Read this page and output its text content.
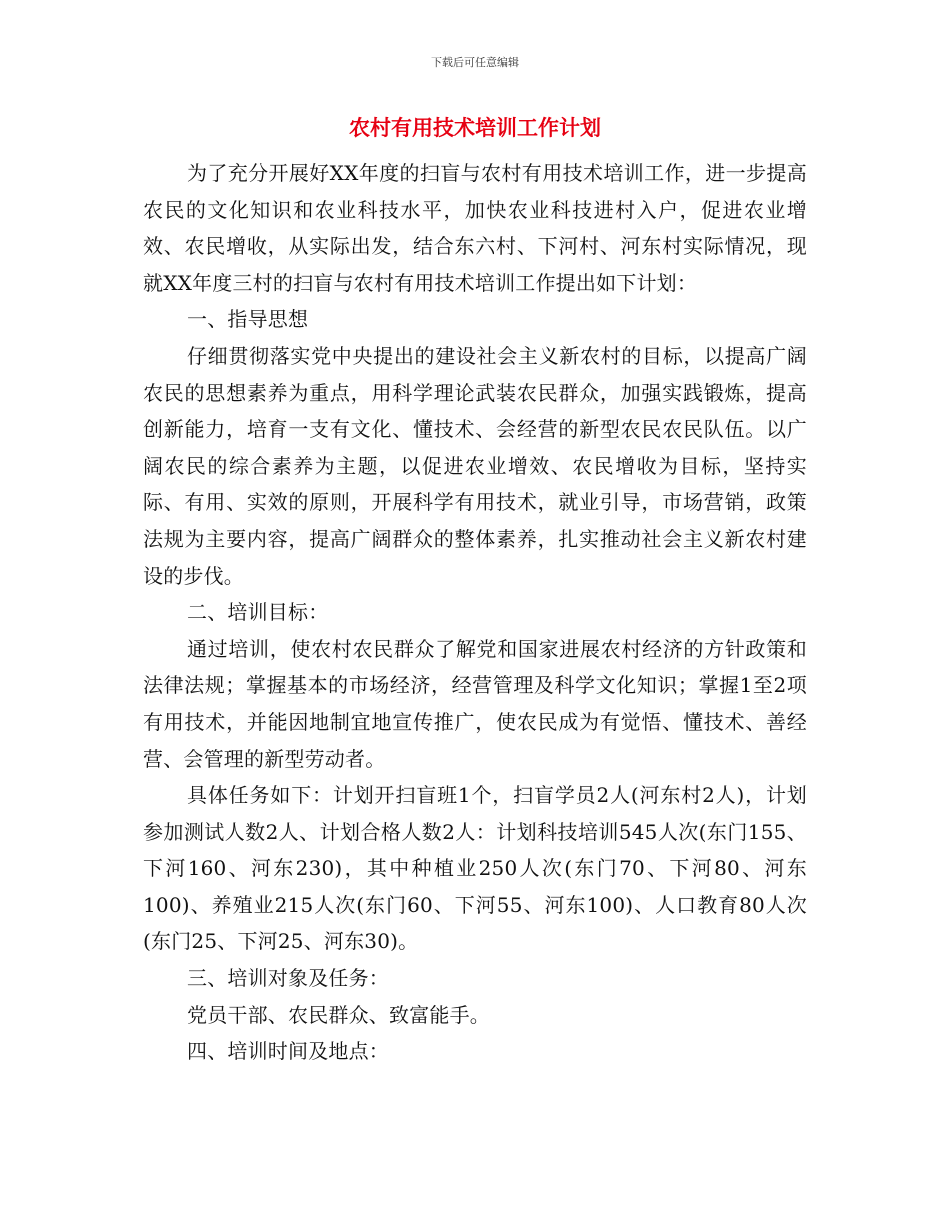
下载后可任意编辑
农村有用技术培训工作计划

为了充分开展好XX年度的扫盲与农村有用技术培训工作，进一步提高农民的文化知识和农业科技水平，加快农业科技进村入户，促进农业增效、农民增收，从实际出发，结合东六村、下河村、河东村实际情况，现就XX年度三村的扫盲与农村有用技术培训工作提出如下计划：

一、指导思想

仔细贯彻落实党中央提出的建设社会主义新农村的目标，以提高广阔农民的思想素养为重点，用科学理论武装农民群众，加强实践锻炼，提高创新能力，培育一支有文化、懂技术、会经营的新型农民农民队伍。以广阔农民的综合素养为主题，以促进农业增效、农民增收为目标，坚持实际、有用、实效的原则，开展科学有用技术，就业引导，市场营销，政策法规为主要内容，提高广阔群众的整体素养，扎实推动社会主义新农村建设的步伐。

二、培训目标：

通过培训，使农村农民群众了解党和国家进展农村经济的方针政策和法律法规；掌握基本的市场经济，经营管理及科学文化知识；掌握1至2项有用技术，并能因地制宜地宣传推广，使农民成为有觉悟、懂技术、善经营、会管理的新型劳动者。

具体任务如下：计划开扫盲班1个，扫盲学员2人(河东村2人)，计划参加测试人数2人、计划合格人数2人：计划科技培训545人次(东门155、下河160、河东230)，其中种植业250人次(东门70、下河80、河东100)、养殖业215人次(东门60、下河55、河东100)、人口教育80人次(东门25、下河25、河东30)。

三、培训对象及任务：

党员干部、农民群众、致富能手。

四、培训时间及地点：
